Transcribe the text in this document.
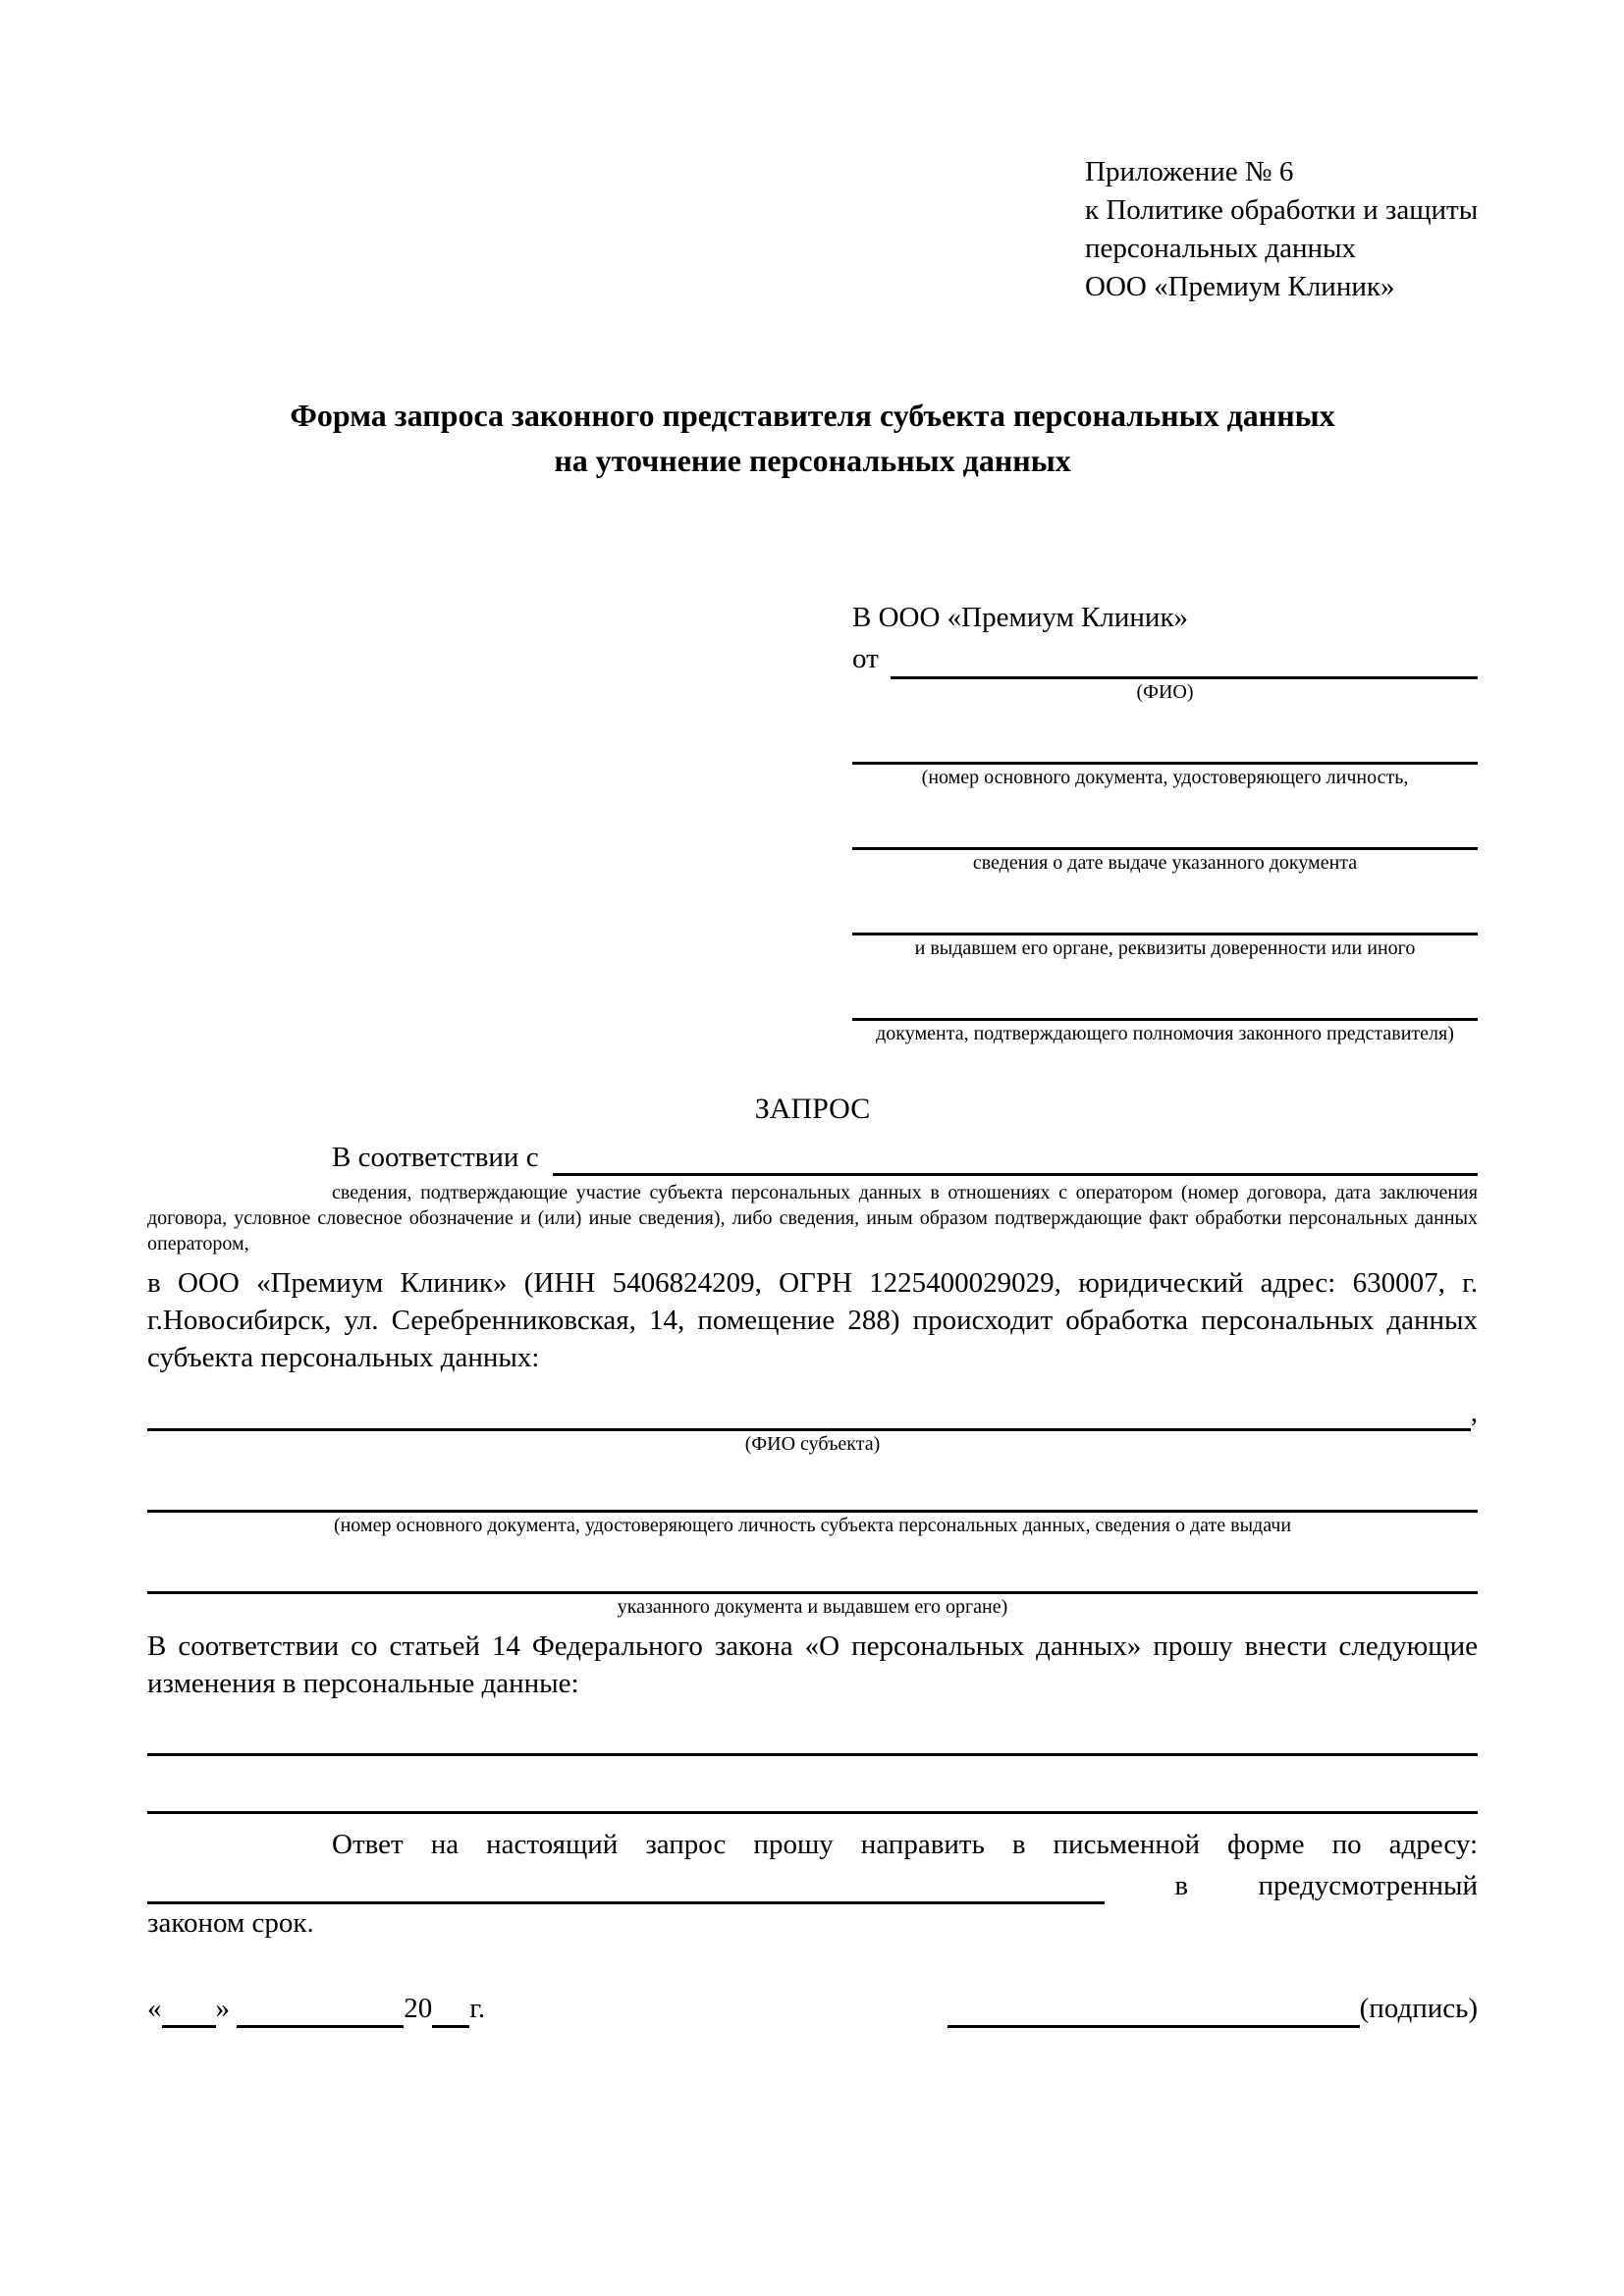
Приложение № 6
к Политике обработки и защиты
персональных данных
ООО «Премиум Клиник»
Форма запроса законного представителя субъекта персональных данных
на уточнение персональных данных
В ООО «Премиум Клиник»
от
(ФИО)
(номер основного документа, удостоверяющего личность,
сведения о дате выдаче указанного документа
и выдавшем его органе, реквизиты доверенности или иного
документа, подтверждающего полномочия законного представителя)
ЗАПРОС
В соответствии с
сведения, подтверждающие участие субъекта персональных данных в отношениях с оператором (номер договора, дата заключения договора, условное словесное обозначение и (или) иные сведения), либо сведения, иным образом подтверждающие факт обработки персональных данных оператором,
в ООО «Премиум Клиник» (ИНН 5406824209, ОГРН 1225400029029, юридический адрес: 630007, г. г.Новосибирск, ул. Серебренниковская, 14, помещение 288) происходит обработка персональных данных субъекта персональных данных:
,
(ФИО субъекта)
(номер основного документа, удостоверяющего личность субъекта персональных данных, сведения о дате выдачи
указанного документа и выдавшем его органе)
В соответствии со статьей 14 Федерального закона «О персональных данных» прошу внести следующие изменения в персональные данные:
Ответ на настоящий запрос прошу направить в письменной форме по адресу:
в предусмотренный
законом срок.
« »
	20 г.	(подпись)
